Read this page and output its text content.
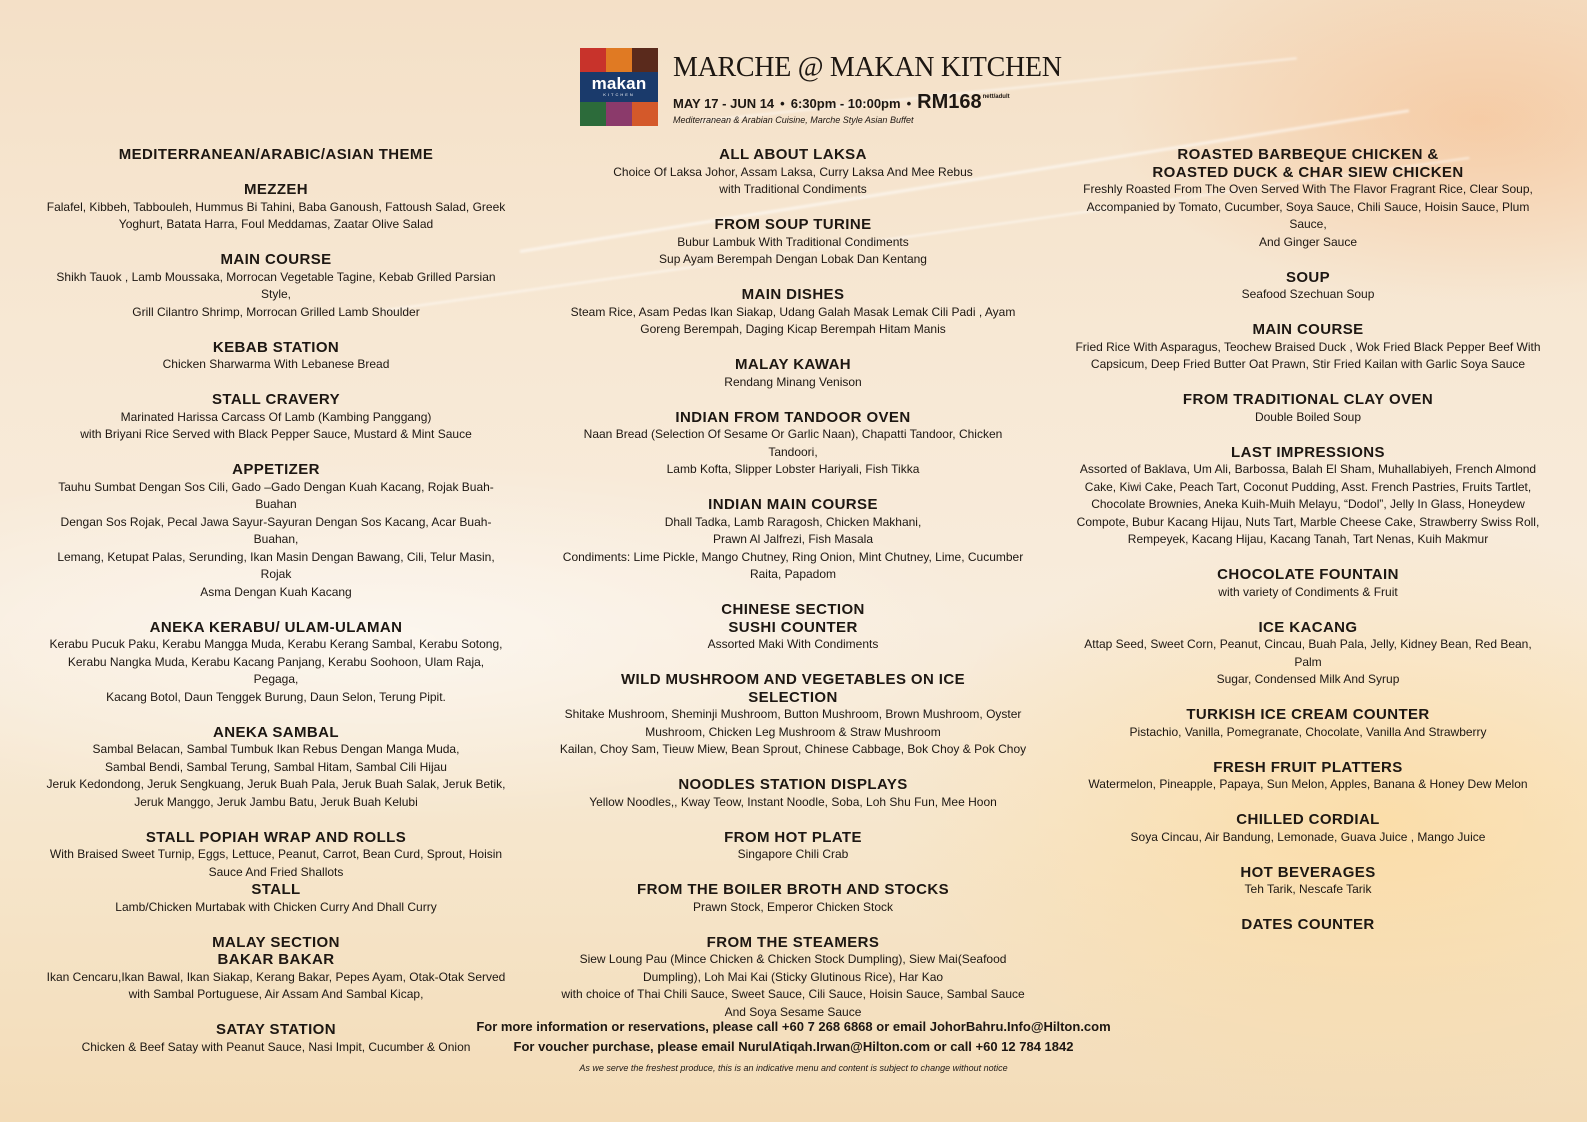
makan
KITCHEN
MARCHE @ MAKAN KITCHEN
MAY 17 - JUN 14 • 6:30pm - 10:00pm • $RM168^{nett/adult}$
Mediterranean & Arabian Cuisine, Marche Style Asian Buffet
MEDITERRANEAN/ARABIC/ASIAN THEME
MEZZEH

Falafel, Kibbeh, Tabbouleh, Hummus Bi Tahini, Baba Ganoush, Fattoush Salad, Greek

Yoghurt, Batata Harra, Foul Meddamas, Zaatar Olive Salad

MAIN COURSE

Shikh Tauok , Lamb Moussaka, Morrocan Vegetable Tagine, Kebab Grilled Parsian Style,

Grill Cilantro Shrimp, Morrocan Grilled Lamb Shoulder

KEBAB STATION

Chicken Sharwarma With Lebanese Bread

STALL CRAVERY

Marinated Harissa Carcass Of Lamb (Kambing Panggang)

with Briyani Rice Served with Black Pepper Sauce, Mustard & Mint Sauce

APPETIZER

Tauhu Sumbat Dengan Sos Cili, Gado –Gado Dengan Kuah Kacang, Rojak Buah-Buahan

Dengan Sos Rojak, Pecal Jawa Sayur-Sayuran Dengan Sos Kacang, Acar Buah-Buahan,

Lemang, Ketupat Palas, Serunding, Ikan Masin Dengan Bawang, Cili, Telur Masin, Rojak

Asma Dengan Kuah Kacang

ANEKA KERABU/ ULAM-ULAMAN

Kerabu Pucuk Paku, Kerabu Mangga Muda, Kerabu Kerang Sambal, Kerabu Sotong,

Kerabu Nangka Muda, Kerabu Kacang Panjang, Kerabu Soohoon, Ulam Raja, Pegaga,

Kacang Botol, Daun Tenggek Burung, Daun Selon, Terung Pipit.

ANEKA SAMBAL

Sambal Belacan, Sambal Tumbuk Ikan Rebus Dengan Manga Muda,

Sambal Bendi, Sambal Terung, Sambal Hitam, Sambal Cili Hijau

Jeruk Kedondong, Jeruk Sengkuang, Jeruk Buah Pala, Jeruk Buah Salak, Jeruk Betik,

Jeruk Manggo, Jeruk Jambu Batu, Jeruk Buah Kelubi

STALL POPIAH WRAP AND ROLLS

With Braised Sweet Turnip, Eggs, Lettuce, Peanut, Carrot, Bean Curd, Sprout, Hoisin

Sauce And Fried Shallots

STALL

Lamb/Chicken Murtabak with Chicken Curry And Dhall Curry

MALAY SECTION
BAKAR BAKAR

Ikan Cencaru,Ikan Bawal, Ikan Siakap, Kerang Bakar, Pepes Ayam, Otak-Otak Served

with Sambal Portuguese, Air Assam And Sambal Kicap,

SATAY STATION

Chicken & Beef Satay with Peanut Sauce, Nasi Impit, Cucumber & Onion

ALL ABOUT LAKSA

Choice Of Laksa Johor, Assam Laksa, Curry Laksa And Mee Rebus

with Traditional Condiments

FROM SOUP TURINE

Bubur Lambuk With Traditional Condiments

Sup Ayam Berempah Dengan Lobak Dan Kentang

MAIN DISHES

Steam Rice, Asam Pedas Ikan Siakap, Udang Galah Masak Lemak Cili Padi , Ayam

Goreng Berempah, Daging Kicap Berempah Hitam Manis

MALAY KAWAH

Rendang Minang Venison

INDIAN FROM TANDOOR OVEN

Naan Bread (Selection Of Sesame Or Garlic Naan), Chapatti Tandoor, Chicken Tandoori,

Lamb Kofta, Slipper Lobster Hariyali, Fish Tikka

INDIAN MAIN COURSE

Dhall Tadka, Lamb Raragosh, Chicken Makhani,

Prawn Al Jalfrezi, Fish Masala

Condiments: Lime Pickle, Mango Chutney, Ring Onion, Mint Chutney, Lime, Cucumber

Raita, Papadom

CHINESE SECTION
SUSHI COUNTER

Assorted Maki With Condiments

WILD MUSHROOM AND VEGETABLES ON ICE
SELECTION

Shitake Mushroom, Sheminji Mushroom, Button Mushroom, Brown Mushroom, Oyster

Mushroom, Chicken Leg Mushroom & Straw Mushroom

Kailan, Choy Sam, Tieuw Miew, Bean Sprout, Chinese Cabbage, Bok Choy & Pok Choy

NOODLES STATION DISPLAYS

Yellow Noodles,, Kway Teow, Instant Noodle, Soba, Loh Shu Fun, Mee Hoon

FROM HOT PLATE

Singapore Chili Crab

FROM THE BOILER BROTH AND STOCKS

Prawn Stock, Emperor Chicken Stock

FROM THE STEAMERS

Siew Loung Pau (Mince Chicken & Chicken Stock Dumpling), Siew Mai(Seafood

Dumpling), Loh Mai Kai (Sticky Glutinous Rice), Har Kao

with choice of Thai Chili Sauce, Sweet Sauce, Cili Sauce, Hoisin Sauce, Sambal Sauce

And Soya Sesame Sauce

ROASTED BARBEQUE CHICKEN &
ROASTED DUCK & CHAR SIEW CHICKEN

Freshly Roasted From The Oven Served With The Flavor Fragrant Rice, Clear Soup,

Accompanied by Tomato, Cucumber, Soya Sauce, Chili Sauce, Hoisin Sauce, Plum Sauce,

And Ginger Sauce

SOUP

Seafood Szechuan Soup

MAIN COURSE

Fried Rice With Asparagus, Teochew Braised Duck , Wok Fried Black Pepper Beef With

Capsicum, Deep Fried Butter Oat Prawn, Stir Fried Kailan with Garlic Soya Sauce

FROM TRADITIONAL CLAY OVEN

Double Boiled Soup

LAST IMPRESSIONS

Assorted of Baklava, Um Ali, Barbossa, Balah El Sham, Muhallabiyeh, French Almond

Cake, Kiwi Cake, Peach Tart, Coconut Pudding, Asst. French Pastries, Fruits Tartlet,

Chocolate Brownies, Aneka Kuih-Muih Melayu, “Dodol”, Jelly In Glass, Honeydew

Compote, Bubur Kacang Hijau, Nuts Tart, Marble Cheese Cake, Strawberry Swiss Roll,

Rempeyek, Kacang Hijau, Kacang Tanah, Tart Nenas, Kuih Makmur

CHOCOLATE FOUNTAIN

with variety of Condiments & Fruit

ICE KACANG

Attap Seed, Sweet Corn, Peanut, Cincau, Buah Pala, Jelly, Kidney Bean, Red Bean, Palm

Sugar, Condensed Milk And Syrup

TURKISH ICE CREAM COUNTER

Pistachio, Vanilla, Pomegranate, Chocolate, Vanilla And Strawberry

FRESH FRUIT PLATTERS

Watermelon, Pineapple, Papaya, Sun Melon, Apples, Banana & Honey Dew Melon

CHILLED CORDIAL

Soya Cincau, Air Bandung, Lemonade, Guava Juice , Mango Juice

HOT BEVERAGES

Teh Tarik, Nescafe Tarik

DATES COUNTER

For more information or reservations, please call +60 7 268 6868 or email JohorBahru.Info@Hilton.com

For voucher purchase, please email NurulAtiqah.Irwan@Hilton.com or call +60 12 784 1842

As we serve the freshest produce, this is an indicative menu and content is subject to change without notice
